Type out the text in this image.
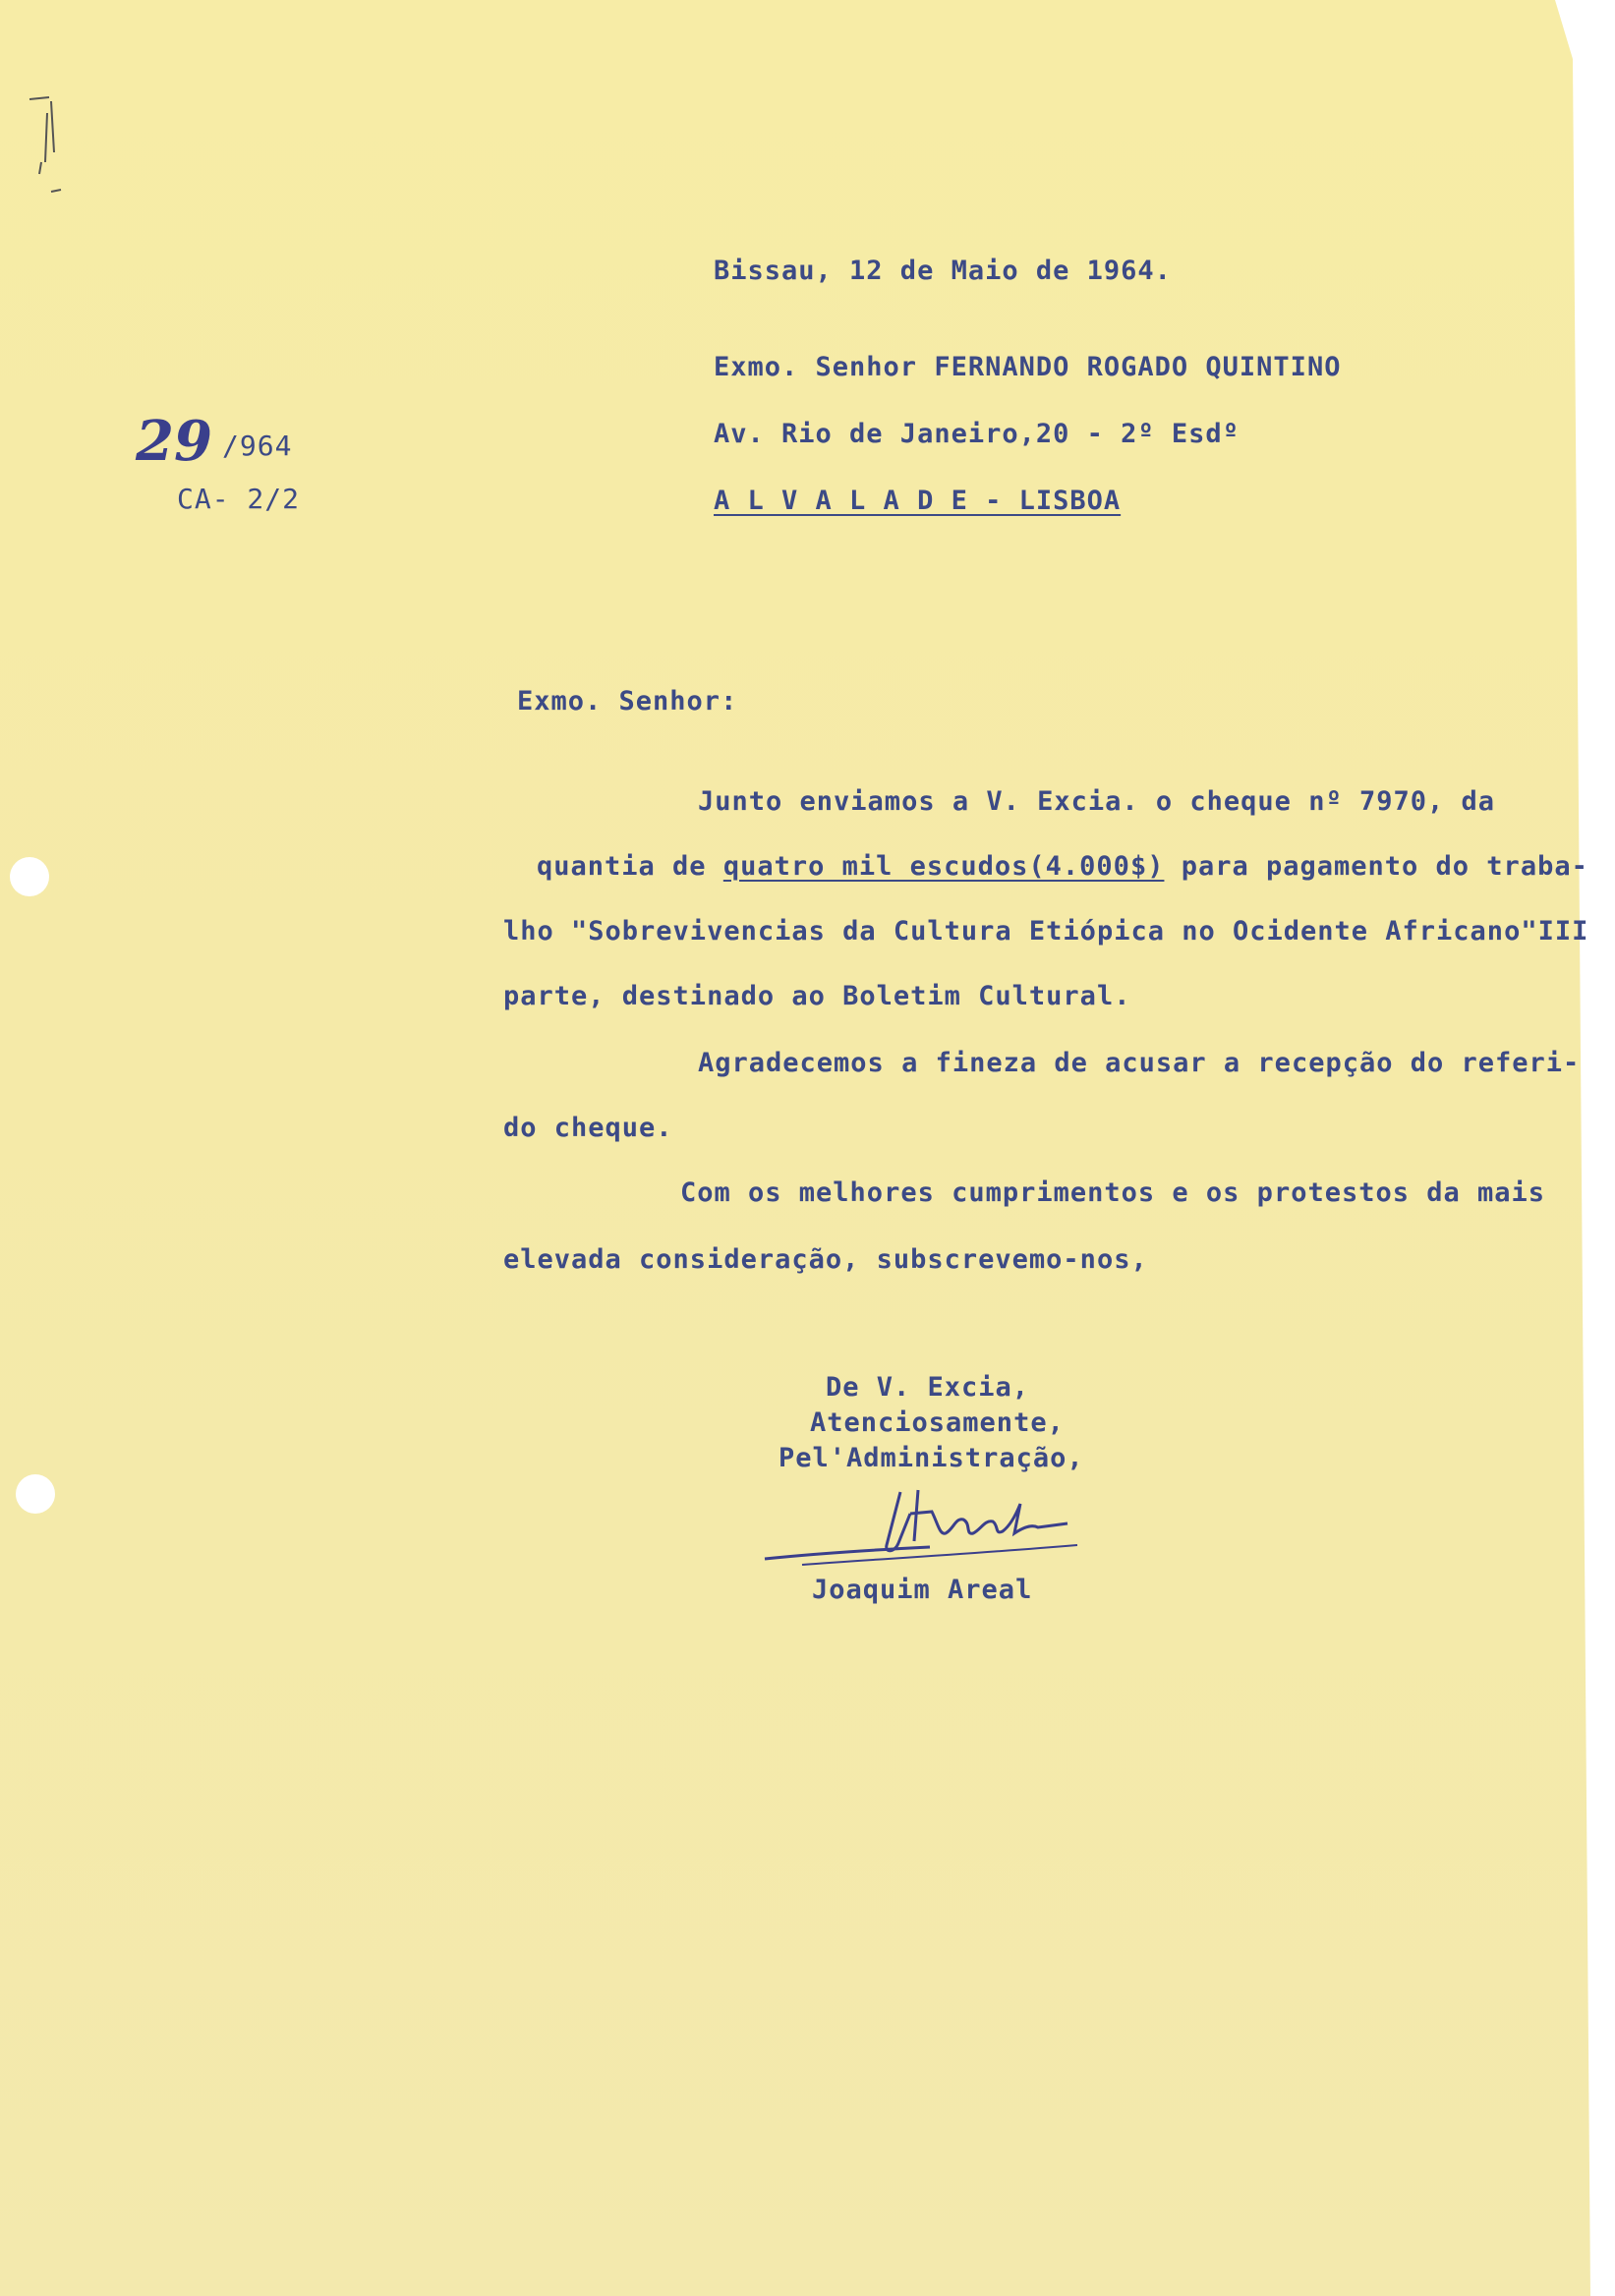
Bissau, 12 de Maio de 1964.

Exmo. Senhor FERNANDO ROGADO QUINTINO

Av. Rio de Janeiro,20 - 2º Esdº

A L V A L A D E - LISBOA

29 /964

CA- 2/2

Exmo. Senhor:

Junto enviamos a V. Excia. o cheque nº 7970, da

quantia de quatro mil escudos(4.000$) para pagamento do traba-

lho "Sobrevivencias da Cultura Etiópica no Ocidente Africano"III

parte, destinado ao Boletim Cultural.

Agradecemos a fineza de acusar a recepção do referi-

do cheque.

Com os melhores cumprimentos e os protestos da mais

elevada consideração, subscrevemo-nos,

De V. Excia,

Atenciosamente,

Pel'Administração,

Joaquim Areal
